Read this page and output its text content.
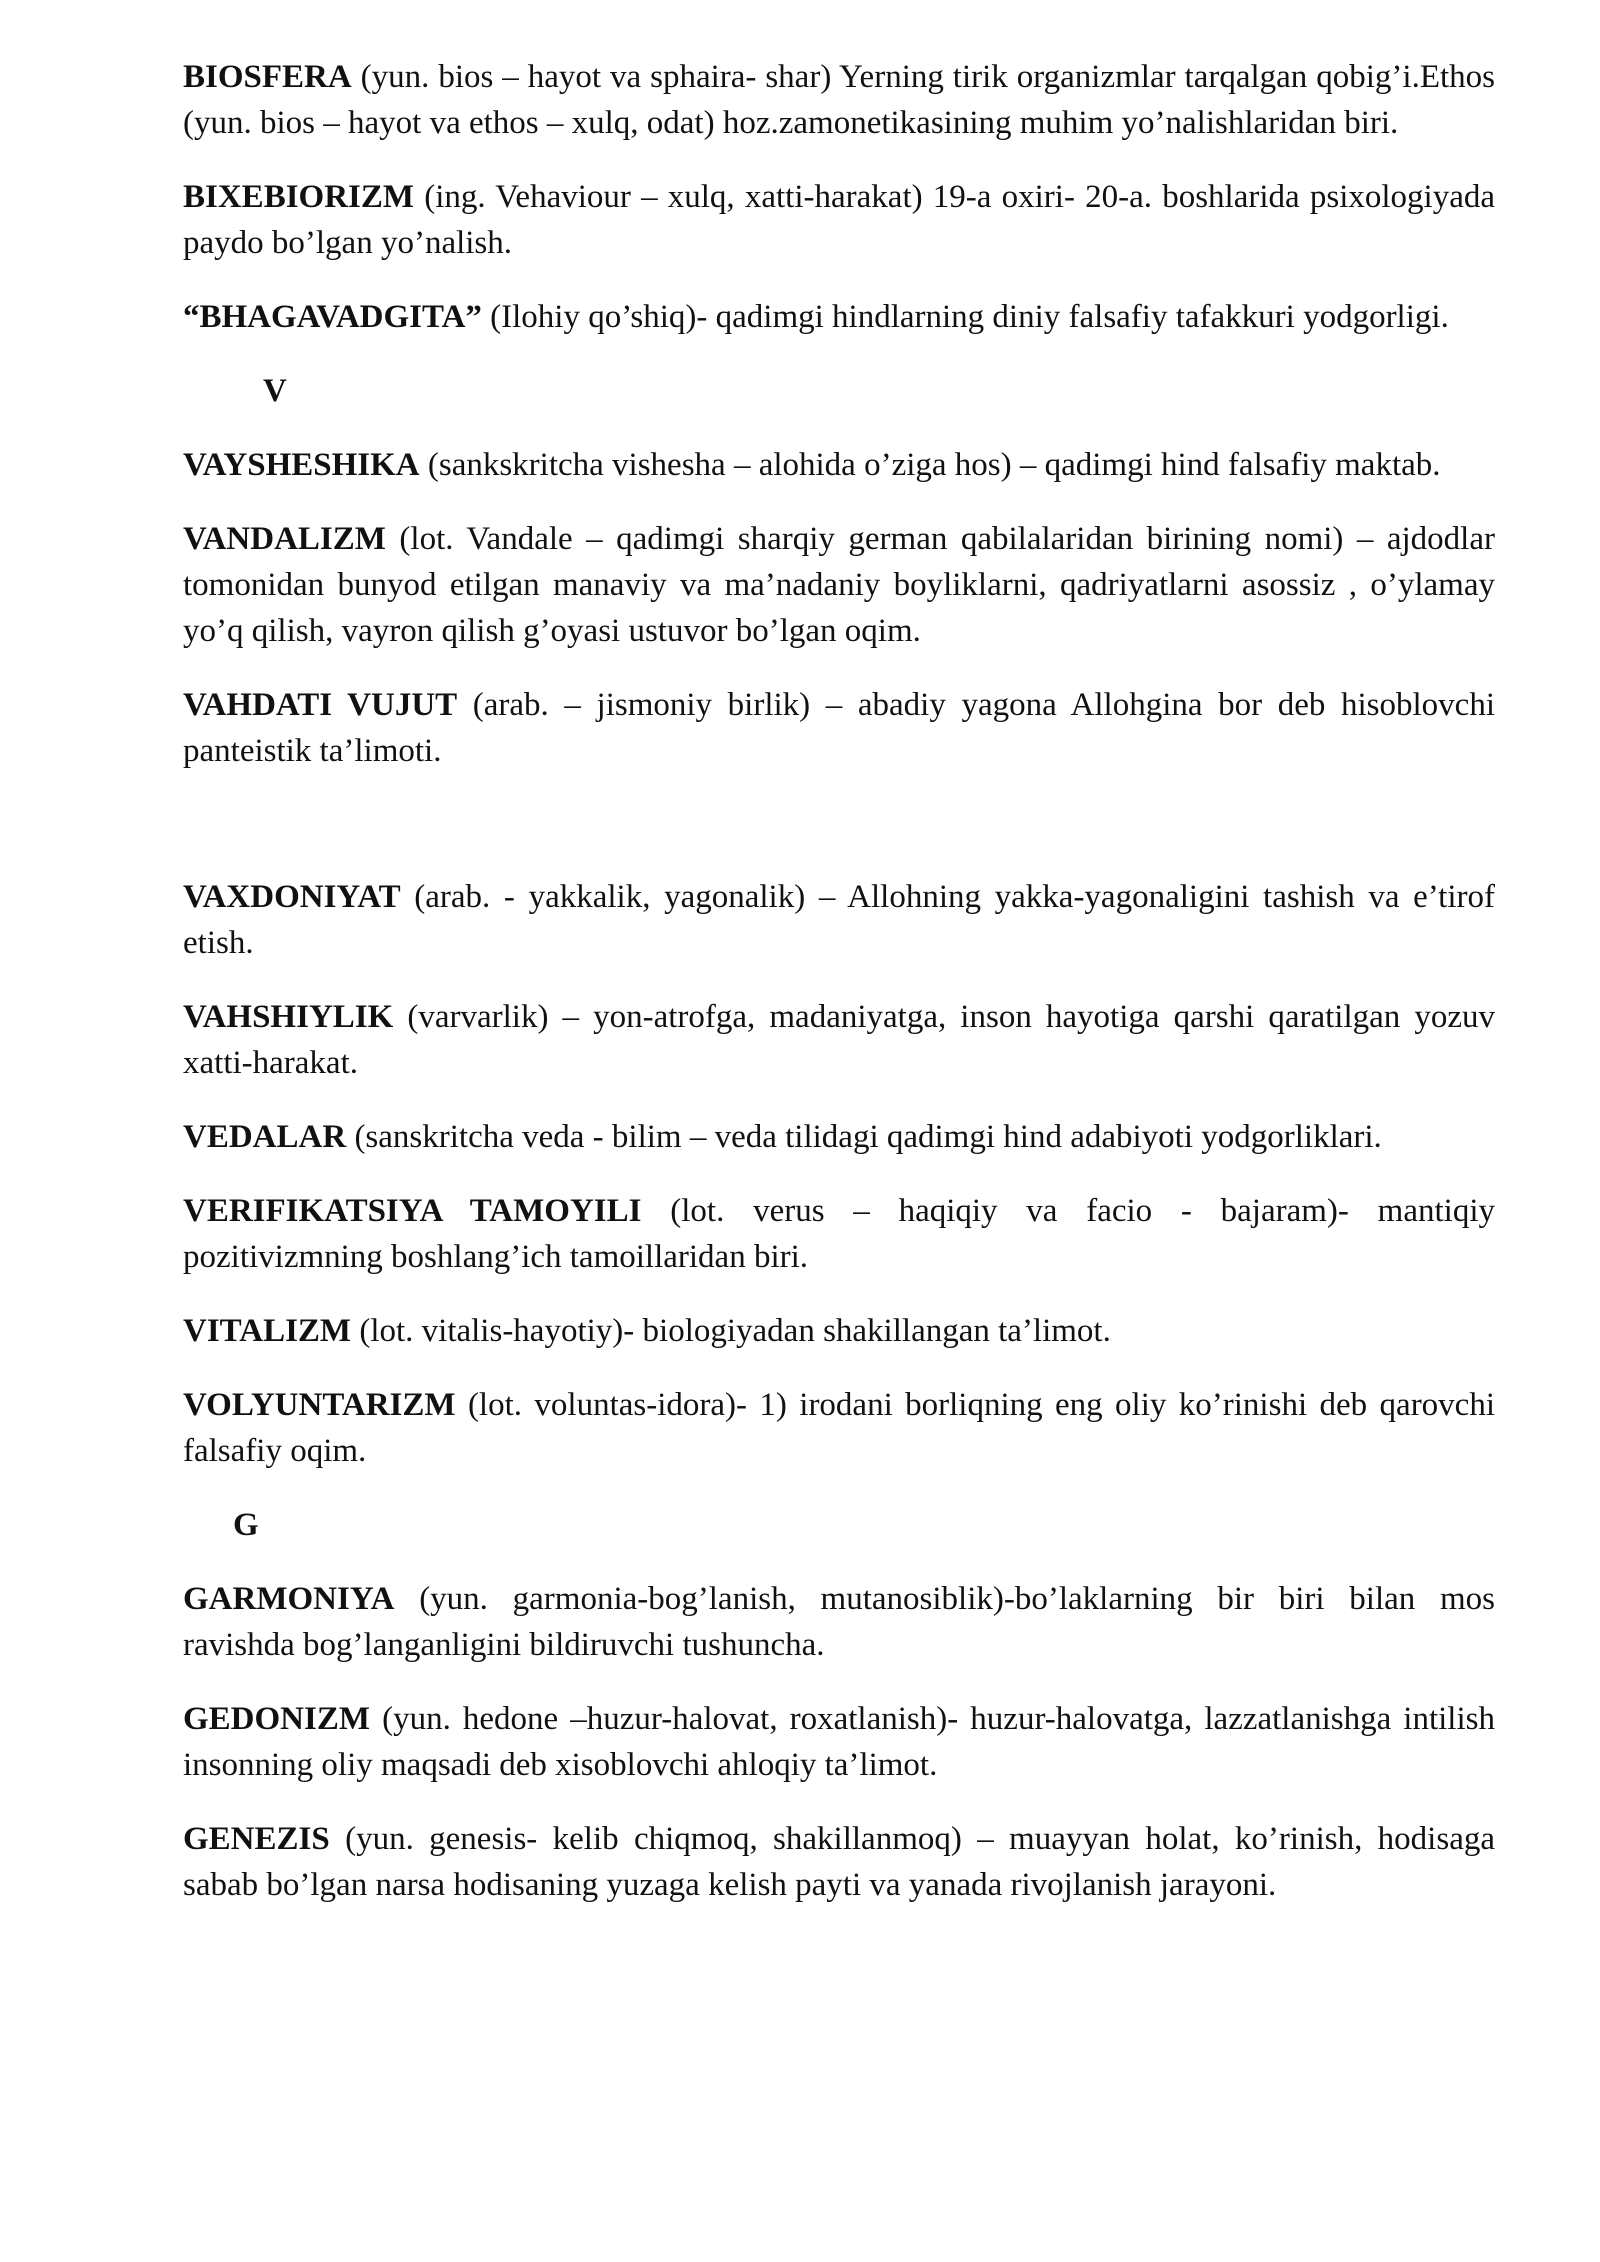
BIOSFERA (yun. bios – hayot va sphaira- shar) Yerning tirik organizmlar tarqalgan qobig’i.Ethos (yun. bios – hayot va ethos – xulq, odat) hoz.zamonetikasining muhim yo’nalishlaridan biri.

BIXEBIORIZM (ing. Vehaviour – xulq, xatti-harakat) 19-a oxiri- 20-a. boshlarida psixologiyada paydo bo’lgan yo’nalish.

“BHAGAVADGITA” (Ilohiy qo’shiq)- qadimgi hindlarning diniy falsafiy tafakkuri yodgorligi.

V

VAYSHESHIKA (sankskritcha vishesha – alohida o’ziga hos) – qadimgi hind falsafiy maktab.

VANDALIZM (lot. Vandale – qadimgi sharqiy german qabilalaridan birining nomi) – ajdodlar tomonidan bunyod etilgan manaviy va ma’nadaniy boyliklarni, qadriyatlarni asossiz , o’ylamay yo’q qilish, vayron qilish g’oyasi ustuvor bo’lgan oqim.

VAHDATI VUJUT (arab. – jismoniy birlik) – abadiy yagona Allohgina bor deb hisoblovchi panteistik ta’limoti.

VAXDONIYAT (arab. - yakkalik, yagonalik) – Allohning yakka-yagonaligini tashish va e’tirof etish.

VAHSHIYLIK (varvarlik) – yon-atrofga, madaniyatga, inson hayotiga qarshi qaratilgan yozuv xatti-harakat.

VEDALAR (sanskritcha veda - bilim – veda tilidagi qadimgi hind adabiyoti yodgorliklari.

VERIFIKATSIYA TAMOYILI (lot. verus – haqiqiy va facio - bajaram)- mantiqiy pozitivizmning boshlang’ich tamoillaridan biri.

VITALIZM (lot. vitalis-hayotiy)- biologiyadan shakillangan ta’limot.

VOLYUNTARIZM (lot. voluntas-idora)- 1) irodani borliqning eng oliy ko’rinishi deb qarovchi falsafiy oqim.

G

GARMONIYA (yun. garmonia-bog’lanish, mutanosiblik)-bo’laklarning bir biri bilan mos ravishda bog’langanligini bildiruvchi tushuncha.

GEDONIZM (yun. hedone –huzur-halovat, roxatlanish)- huzur-halovatga, lazzatlanishga intilish insonning oliy maqsadi deb xisoblovchi ahloqiy ta’limot.

GENEZIS (yun. genesis- kelib chiqmoq, shakillanmoq) – muayyan holat, ko’rinish, hodisaga sabab bo’lgan narsa hodisaning yuzaga kelish payti va yanada rivojlanish jarayoni.
